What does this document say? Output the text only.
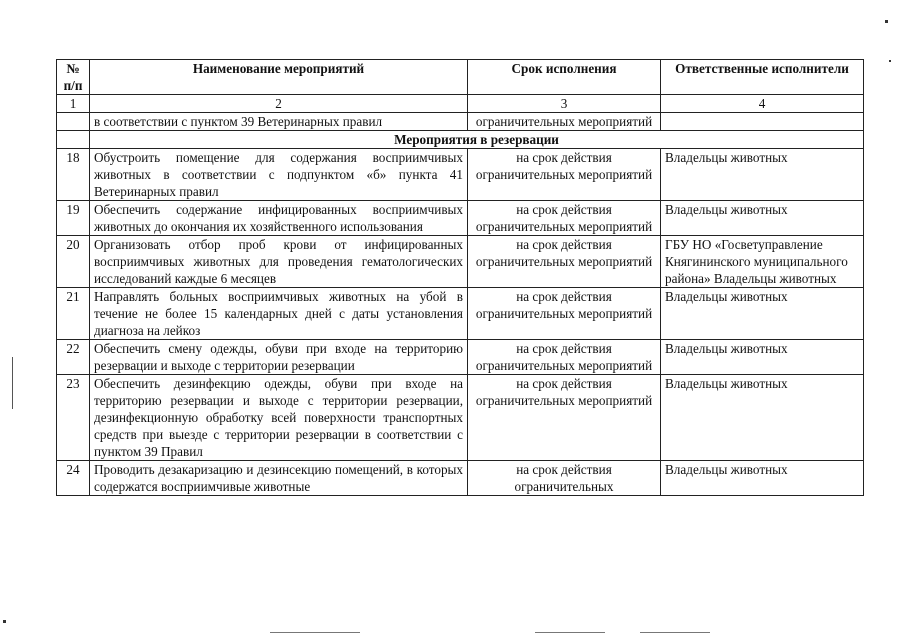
№ п/п	Наименование мероприятий	Срок исполнения	Ответственные исполнители
1	2	3	4
	в соответствии с пунктом 39 Ветеринарных правил	ограничительных мероприятий	
	Мероприятия в резервации		
18	Обустроить помещение для содержания восприимчивых животных в соответствии с подпунктом «б» пункта 41 Ветеринарных правил	на срок действия ограничительных мероприятий	Владельцы животных
19	Обеспечить содержание инфицированных восприимчивых животных до окончания их хозяйственного использования	на срок действия ограничительных мероприятий	Владельцы животных
20	Организовать отбор проб крови от инфицированных восприимчивых животных для проведения гематологических исследований каждые 6 месяцев	на срок действия ограничительных мероприятий	ГБУ НО «Госветуправление Княгининского муниципального района» Владельцы животных
21	Направлять больных восприимчивых животных на убой в течение не более 15 календарных дней с даты установления диагноза на лейкоз	на срок действия ограничительных мероприятий	Владельцы животных
22	Обеспечить смену одежды, обуви при входе на территорию резервации и выходе с территории резервации	на срок действия ограничительных мероприятий	Владельцы животных
23	Обеспечить дезинфекцию одежды, обуви при входе на территорию резервации и выходе с территории резервации, дезинфекционную обработку всей поверхности транспортных средств при выезде с территории резервации в соответствии с пунктом 39 Правил	на срок действия ограничительных мероприятий	Владельцы животных
24	Проводить дезакаризацию и дезинсекцию помещений, в которых содержатся восприимчивые животные	на срок действия ограничительных	Владельцы животных
